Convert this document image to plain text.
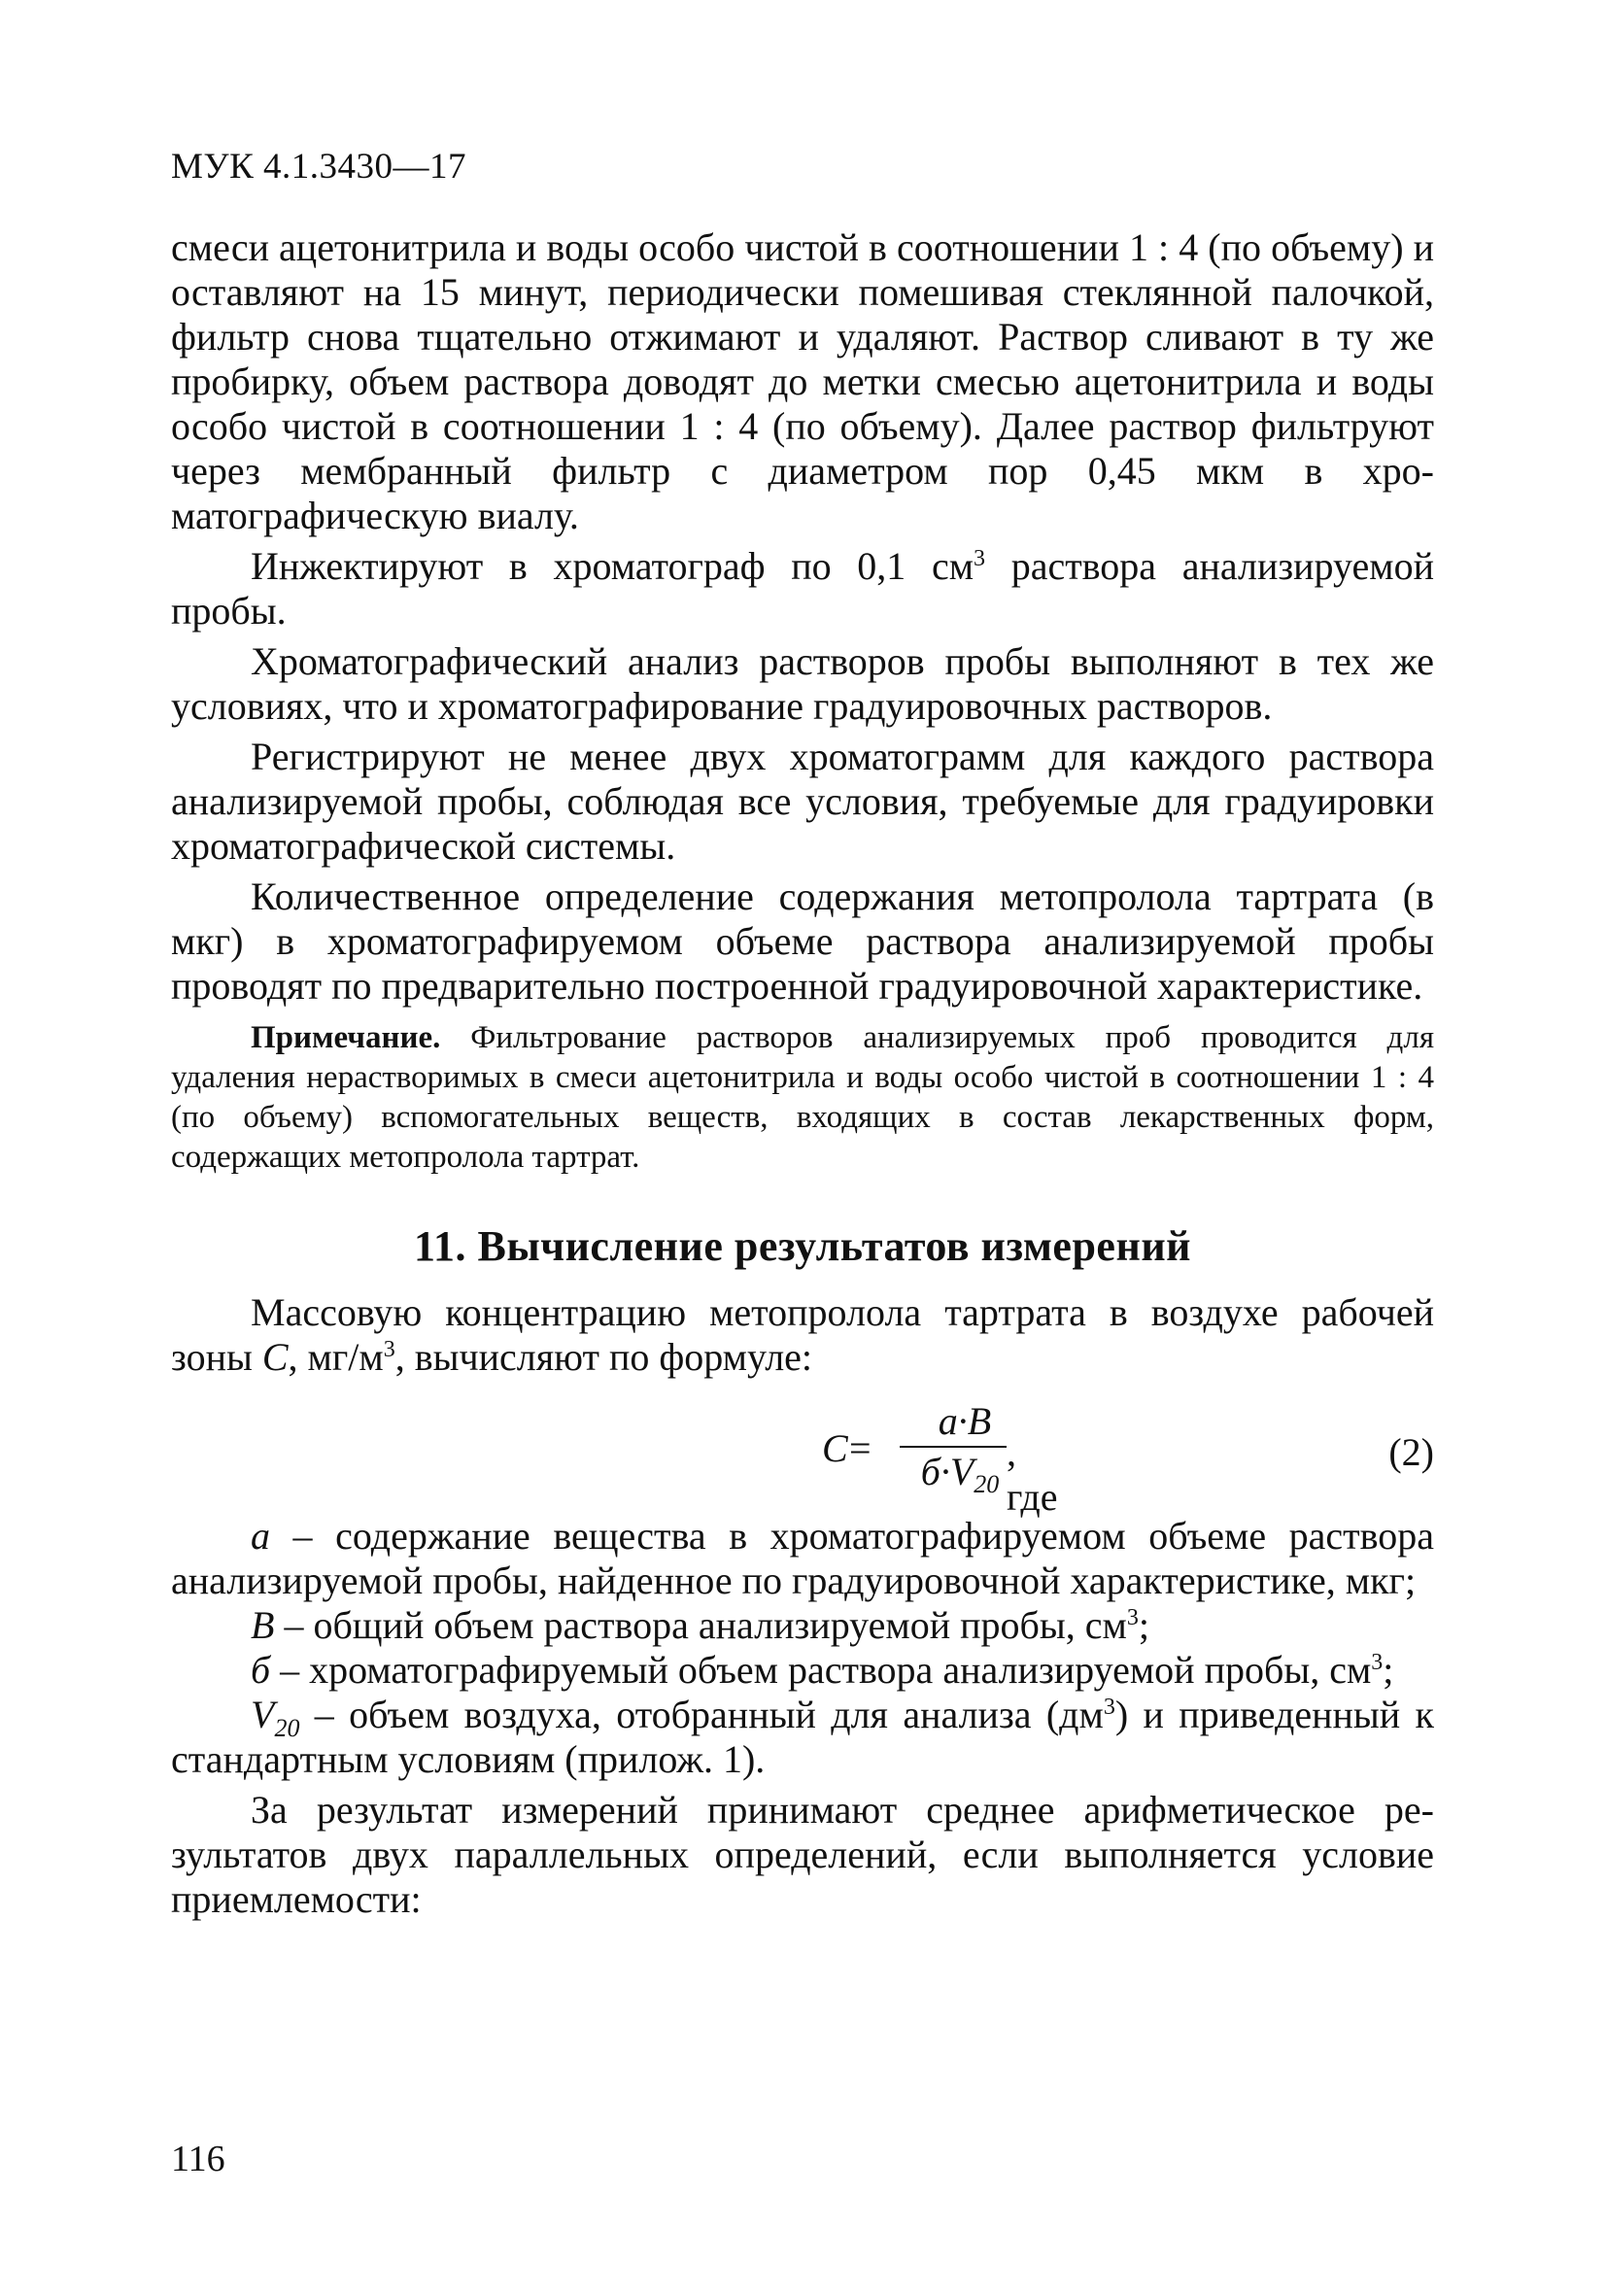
МУК 4.1.3430—17

смеси ацетонитрила и воды особо чистой в соотношении 1 : 4 (по объему) и оставляют на 15 минут, периодически помешивая стеклянной палочкой, фильтр снова тщательно отжимают и удаляют. Раствор сливают в ту же пробирку, объем раствора доводят до метки смесью ацетонитрила и воды особо чистой в соотношении 1 : 4 (по объему). Далее раствор фильтруют через мембранный фильтр с диаметром пор 0,45 мкм в хроматографическую виалу.

Инжектируют в хроматограф по 0,1 $см^3$ раствора анализируемой пробы.

Хроматографический анализ растворов пробы выполняют в тех же условиях, что и хроматографирование градуировочных растворов.

Регистрируют не менее двух хроматограмм для каждого раствора анализируемой пробы, соблюдая все условия, требуемые для градуировки хроматографической системы.

Количественное определение содержания метопролола тартрата (в мкг) в хроматографируемом объеме раствора анализируемой пробы проводят по предварительно построенной градуировочной характеристике.

Примечание. Фильтрование растворов анализируемых проб проводится для удаления нерастворимых в смеси ацетонитрила и воды особо чистой в соотношении 1 : 4 (по объему) вспомогательных веществ, входящих в состав лекарственных форм, содержащих метопролола тартрат.

11. Вычисление результатов измерений

Массовую концентрацию метопролола тартрата в воздухе рабочей зоны С, $мг/м^3$, вычисляют по формуле:

С =
а·В
$б\cdot V_{20}$
, где
(2)

а – содержание вещества в хроматографируемом объеме раствора анализируемой пробы, найденное по градуировочной характеристике, мкг;

В – общий объем раствора анализируемой пробы, $см^3$;

б – хроматографируемый объем раствора анализируемой пробы, $см^3$;

$V_{20}$ – объем воздуха, отобранный для анализа $(дм^3)$ и приведенный к стандартным условиям (прилож. 1).

За результат измерений принимают среднее арифметическое результатов двух параллельных определений, если выполняется условие приемлемости:

116
